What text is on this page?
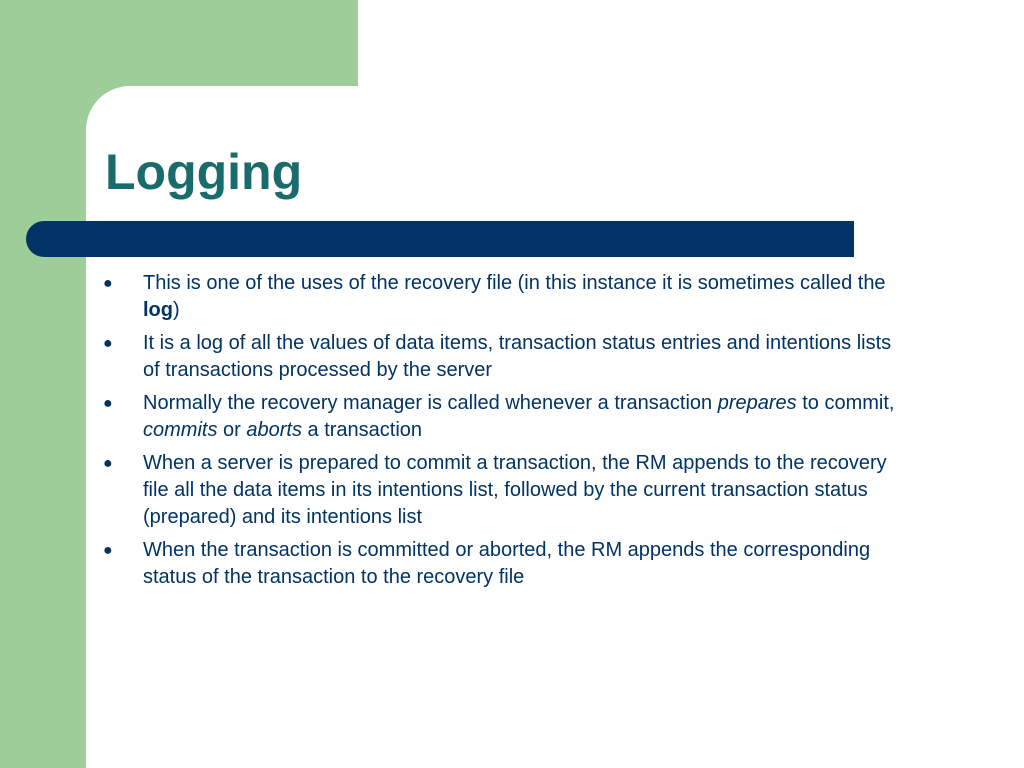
Logging
● This is one of the uses of the recovery file (in this instance it is sometimes called the log)
● It is a log of all the values of data items, transaction status entries and intentions lists of transactions processed by the server
● Normally the recovery manager is called whenever a transaction prepares to commit, commits or aborts a transaction
● When a server is prepared to commit a transaction, the RM appends to the recovery file all the data items in its intentions list, followed by the current transaction status (prepared) and its intentions list
● When the transaction is committed or aborted, the RM appends the corresponding status of the transaction to the recovery file
